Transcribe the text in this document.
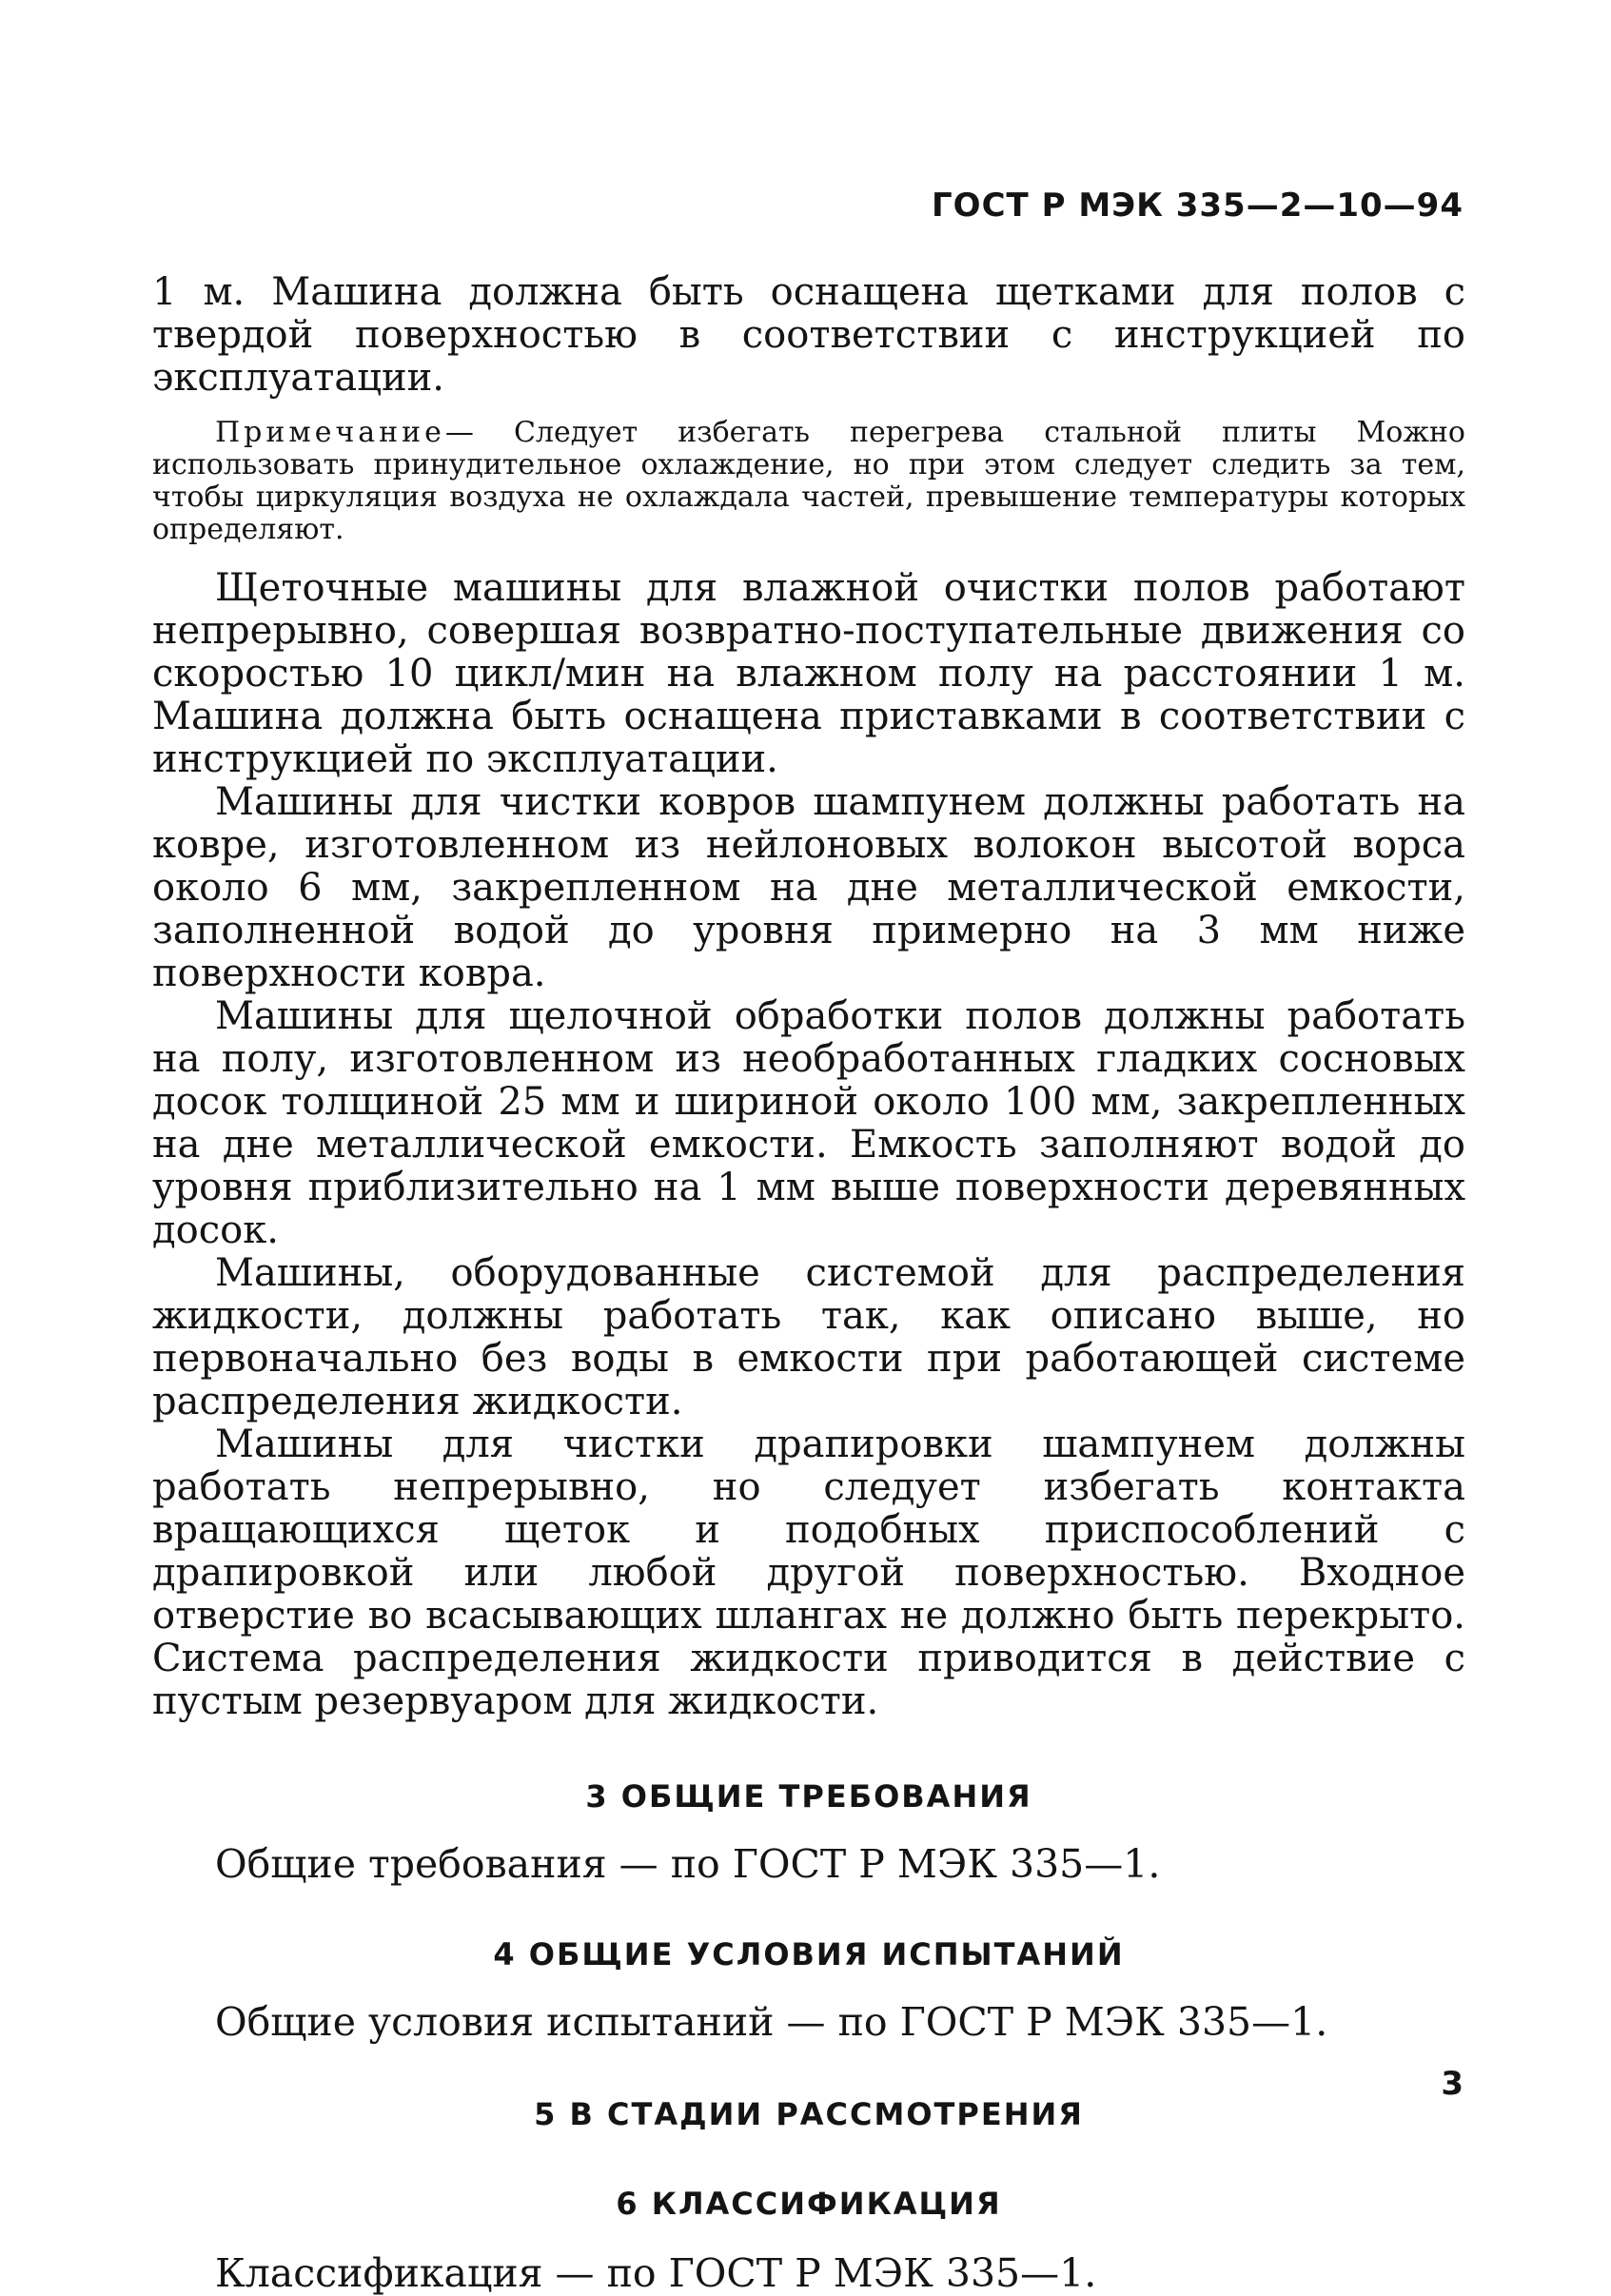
ГОСТ Р МЭК 335—2—10—94

1 м. Машина должна быть оснащена щетками для полов с твердой поверхностью в соответствии с инструкцией по эксплуатации.

Примечание— Следует избегать перегрева стальной плиты Можно использовать принудительное охлаждение, но при этом следует следить за тем, чтобы циркуляция воздуха не охлаждала частей, превышение температуры которых определяют.

Щеточные машины для влажной очистки полов работают непрерывно, совершая возвратно-поступательные движения со скоростью 10 цикл/мин на влажном полу на расстоянии 1 м. Машина должна быть оснащена приставками в соответствии с инструкцией по эксплуатации.

Машины для чистки ковров шампунем должны работать на ковре, изготовленном из нейлоновых волокон высотой ворса около 6 мм, закрепленном на дне металлической емкости, заполненной водой до уровня примерно на 3 мм ниже поверхности ковра.

Машины для щелочной обработки полов должны работать на полу, изготовленном из необработанных гладких сосновых досок толщиной 25 мм и шириной около 100 мм, закрепленных на дне металлической емкости. Емкость заполняют водой до уровня приблизительно на 1 мм выше поверхности деревянных досок.

Машины, оборудованные системой для распределения жидкости, должны работать так, как описано выше, но первоначально без воды в емкости при работающей системе распределения жидкости.

Машины для чистки драпировки шампунем должны работать непрерывно, но следует избегать контакта вращающихся щеток и подобных приспособлений с драпировкой или любой другой поверхностью. Входное отверстие во всасывающих шлангах не должно быть перекрыто. Система распределения жидкости приводится в действие с пустым резервуаром для жидкости.

3 ОБЩИЕ ТРЕБОВАНИЯ

Общие требования — по ГОСТ Р МЭК 335—1.

4 ОБЩИЕ УСЛОВИЯ ИСПЫТАНИЙ

Общие условия испытаний — по ГОСТ Р МЭК 335—1.

5 В СТАДИИ РАССМОТРЕНИЯ
6 КЛАССИФИКАЦИЯ

Классификация — по ГОСТ Р МЭК 335—1.

3
